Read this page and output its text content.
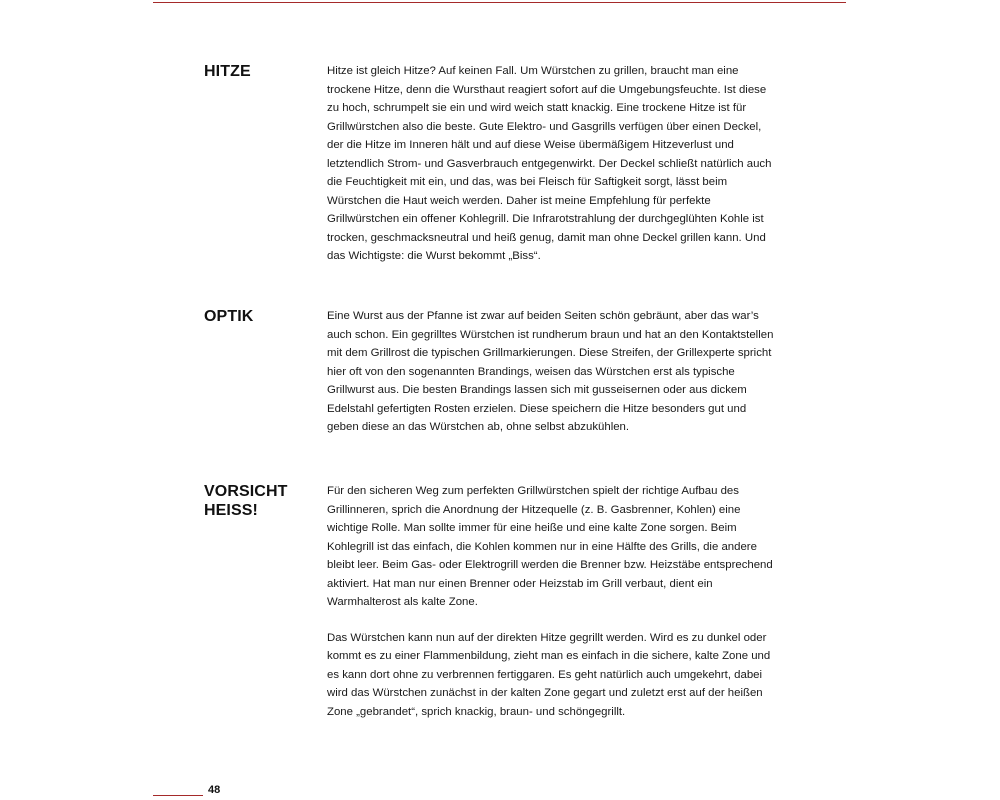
HITZE	Hitze ist gleich Hitze? Auf keinen Fall. Um Würstchen zu grillen, braucht man eine trockene Hitze, denn die Wursthaut reagiert sofort auf die Umgebungsfeuchte. Ist diese zu hoch, schrumpelt sie ein und wird weich statt knackig. Eine trockene Hitze ist für Grillwürstchen also die beste. Gute Elektro- und Gasgrills verfügen über einen Deckel, der die Hitze im Inneren hält und auf diese Weise übermäßigem Hitzeverlust und letztendlich Strom- und Gasverbrauch entgegenwirkt. Der Deckel schließt natürlich auch die Feuchtigkeit mit ein, und das, was bei Fleisch für Saftigkeit sorgt, lässt beim Würstchen die Haut weich werden. Daher ist meine Empfehlung für perfekte Grillwürstchen ein offener Kohlegrill. Die Infrarotstrahlung der durchgeglühten Kohle ist trocken, geschmacksneutral und heiß genug, damit man ohne Deckel grillen kann. Und das Wichtigste: die Wurst bekommt „Biss“.

OPTIK	Eine Wurst aus der Pfanne ist zwar auf beiden Seiten schön gebräunt, aber das war’s auch schon. Ein gegrilltes Würstchen ist rundherum braun und hat an den Kontaktstellen mit dem Grillrost die typischen Grillmarkierungen. Diese Streifen, der Grillexperte spricht hier oft von den sogenannten Brandings, weisen das Würstchen erst als typische Grillwurst aus. Die besten Brandings lassen sich mit gusseisernen oder aus dickem Edelstahl gefertigten Rosten erzielen. Diese speichern die Hitze besonders gut und geben diese an das Würstchen ab, ohne selbst abzukühlen.

VORSICHT HEISS!

Für den sicheren Weg zum perfekten Grillwürstchen spielt der richtige Aufbau des Grillinneren, sprich die Anordnung der Hitzequelle (z. B. Gasbrenner, Kohlen) eine wichtige Rolle. Man sollte immer für eine heiße und eine kalte Zone sorgen. Beim Kohlegrill ist das einfach, die Kohlen kommen nur in eine Hälfte des Grills, die andere bleibt leer. Beim Gas- oder Elektrogrill werden die Brenner bzw. Heizstäbe entsprechend aktiviert. Hat man nur einen Brenner oder Heizstab im Grill verbaut, dient ein Warmhalterost als kalte Zone.

Das Würstchen kann nun auf der direkten Hitze gegrillt werden. Wird es zu dunkel oder kommt es zu einer Flammenbildung, zieht man es einfach in die sichere, kalte Zone und es kann dort ohne zu verbrennen fertiggaren. Es geht natürlich auch umgekehrt, dabei wird das Würstchen zunächst in der kalten Zone gegart und zuletzt erst auf der heißen Zone „gebrandet“, sprich knackig, braun- und schöngegrillt.

48
